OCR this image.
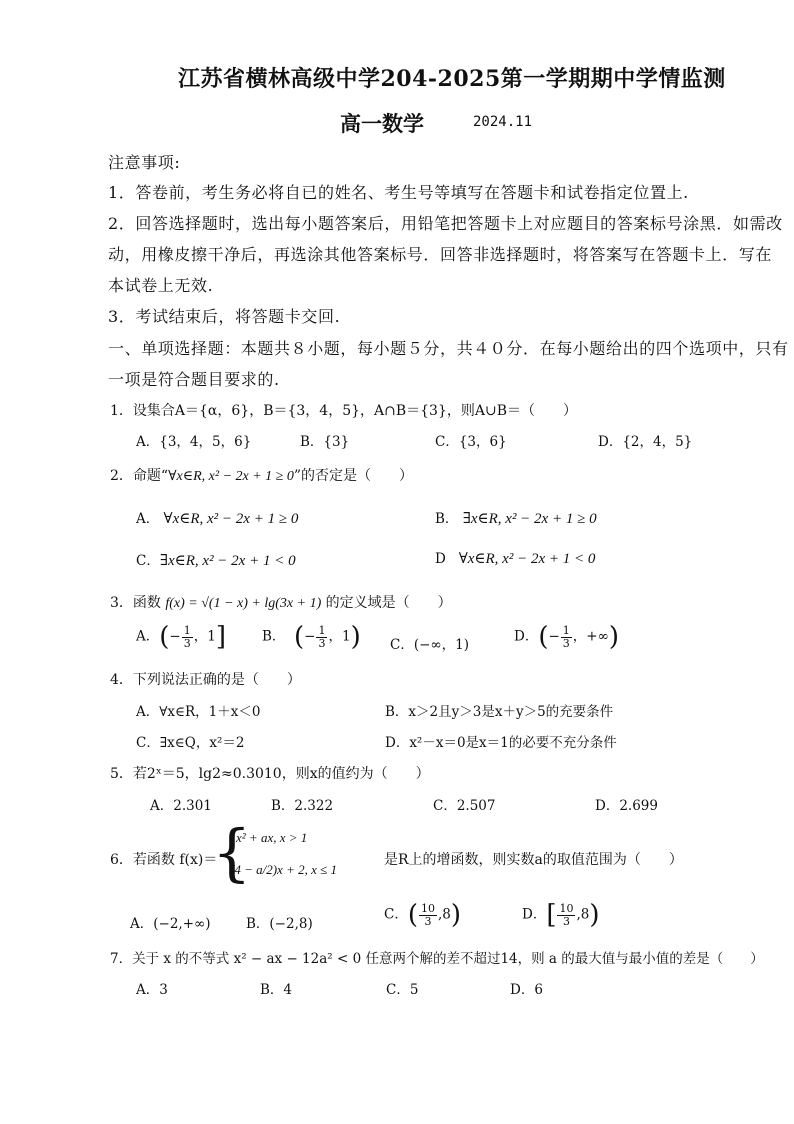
江苏省横林高级中学204-2025第一学期期中学情监测
高一数学	2024.11
注意事项:
1．答卷前，考生务必将自已的姓名、考生号等填写在答题卡和试卷指定位置上.
2．回答选择题时，选出每小题答案后，用铅笔把答题卡上对应题目的答案标号涂黑．如需改
动，用橡皮擦干净后，再选涂其他答案标号．回答非选择题时，将答案写在答题卡上．写在
本试卷上无效.
3．考试结束后，将答题卡交回.
一、单项选择题：本题共８小题，每小题５分，共４０分．在每小题给出的四个选项中，只有
一项是符合题目要求的.
1．设集合A＝{α，6}，B＝{3，4，5}，A∩B＝{3}，则A∪B＝（　　）
A．{3，4，5，6}	B．{3}	C．{3，6}	D．{2，4，5}
2．命题“∀x∈R, x² − 2x + 1 ≥ 0”的否定是（　　）
A． ∀x∈R, x² − 2x + 1 ≥ 0	B． ∃x∈R, x² − 2x + 1 ≥ 0
C．∃x∈R, x² − 2x + 1 < 0	D ∀x∈R, x² − 2x + 1 < 0
3．函数 f(x) = √(1 − x) + lg(3x + 1) 的定义域是（　　）
A．(− $\frac{1}{3}$ ，1]	B． (− $\frac{1}{3}$ ，1) C．(−∞，1)
D．(− $\frac{1}{3}$ ，+∞)
4．下列说法正确的是（　　）
A．∀x∈R，1＋x＜0	B．x＞2且y＞3是x＋y＞5的充要条件
C．∃x∈Q，x²＝2	D．x²－x＝0是x＝1的必要不充分条件
5．若2ˣ＝5，lg2≈0.3010，则x的值约为（　　）
A．2.301	B．2.322	C．2.507	D．2.699
6．若函数 f(x)＝
{
x² + ax, x > 1
(4 − a/2)x + 2, x ≤ 1
是R上的增函数，则实数a的取值范围为（　　）
A．(−2,+∞)	B．(−2,8)
C．( $\frac{10}{3} ,8$)	D．[ $\frac{10}{3} ,8$)
7．关于 x 的不等式 x² − ax − 12a² < 0 任意两个解的差不超过14，则 a 的最大值与最小值的差是（　　）
A．3	B．4	C．5	D．6
